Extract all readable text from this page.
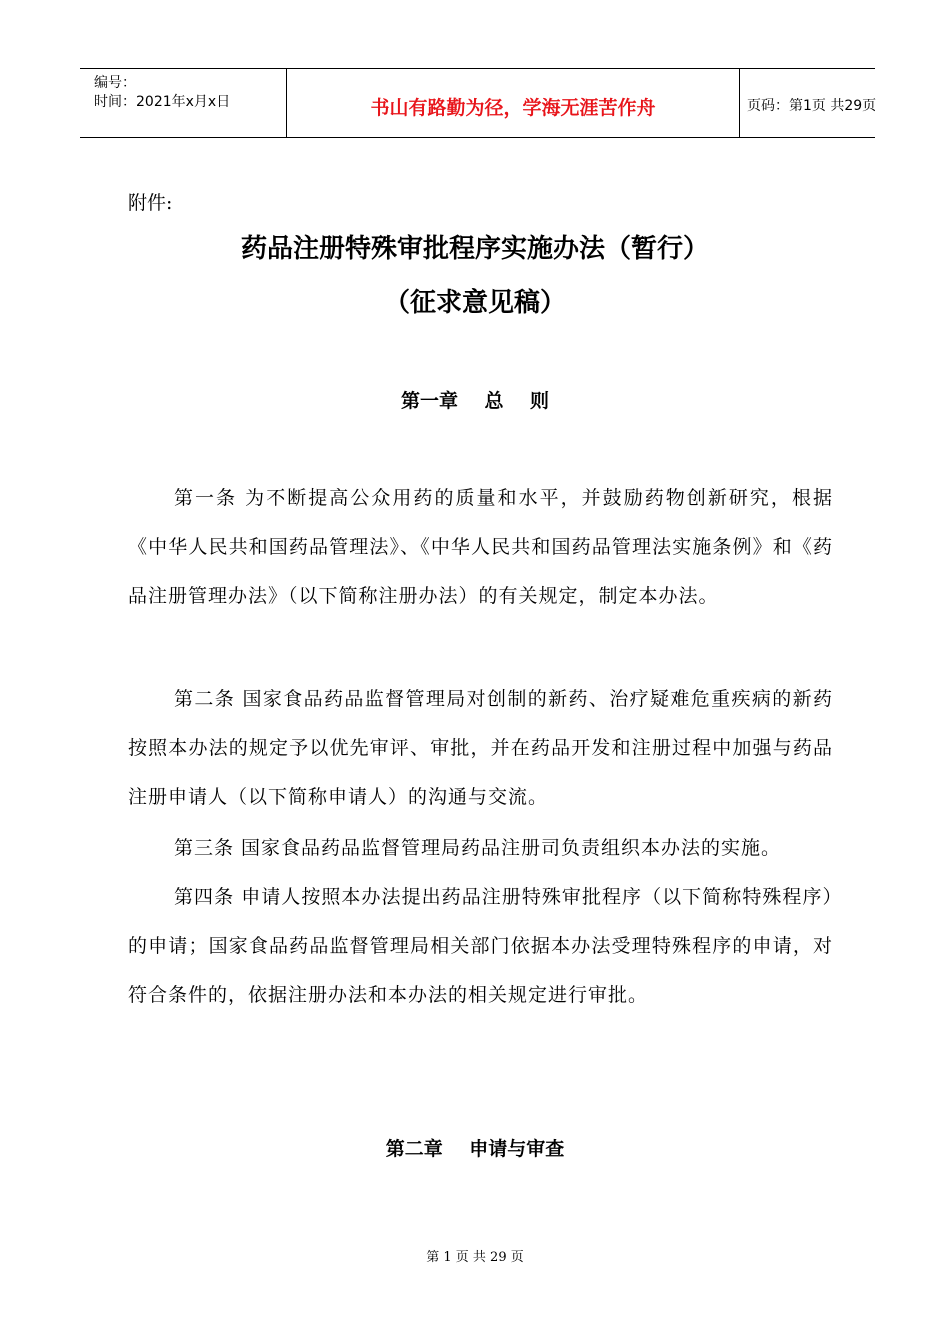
编号：
时间：2021年x月x日	书山有路勤为径，学海无涯苦作舟	页码：第1页 共29页
附件:
药品注册特殊审批程序实施办法（暂行）
（征求意见稿）
第一章    总    则
第一条 为不断提高公众用药的质量和水平，并鼓励药物创新研究，根据《中华人民共和国药品管理法》、《中华人民共和国药品管理法实施条例》和《药品注册管理办法》（以下简称注册办法）的有关规定，制定本办法。
第二条 国家食品药品监督管理局对创制的新药、治疗疑难危重疾病的新药按照本办法的规定予以优先审评、审批，并在药品开发和注册过程中加强与药品注册申请人（以下简称申请人）的沟通与交流。
第三条 国家食品药品监督管理局药品注册司负责组织本办法的实施。
第四条 申请人按照本办法提出药品注册特殊审批程序（以下简称特殊程序）的申请；国家食品药品监督管理局相关部门依据本办法受理特殊程序的申请，对符合条件的，依据注册办法和本办法的相关规定进行审批。
第二章    申请与审查
第 1 页 共 29 页
